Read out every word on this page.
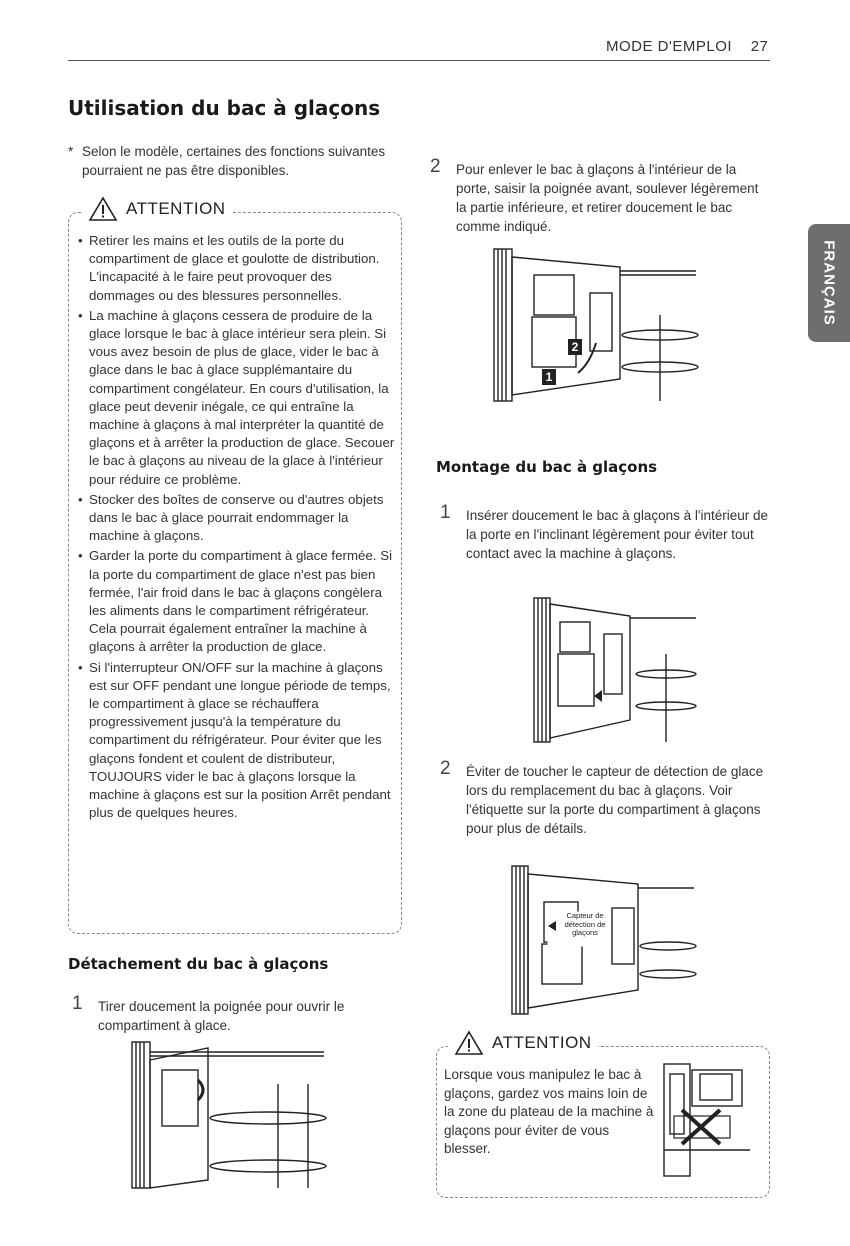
MODE D'EMPLOI 27
FRANÇAIS
Utilisation du bac à glaçons
* Selon le modèle, certaines des fonctions suivantes pourraient ne pas être disponibles.
ATTENTION
• Retirer les mains et les outils de la porte du compartiment de glace et goulotte de distribution. L'incapacité à le faire peut provoquer des dommages ou des blessures personnelles.
• La machine à glaçons cessera de produire de la glace lorsque le bac à glace intérieur sera plein. Si vous avez besoin de plus de glace, vider le bac à glace dans le bac à glace supplémantaire du compartiment congélateur. En cours d'utilisation, la glace peut devenir inégale, ce qui entraîne la machine à glaçons à mal interpréter la quantité de glaçons et à arrêter la production de glace. Secouer le bac à glaçons au niveau de la glace à l'intérieur pour réduire ce problème.
• Stocker des boîtes de conserve ou d'autres objets dans le bac à glace pourrait endommager la machine à glaçons.
• Garder la porte du compartiment à glace fermée. Si la porte du compartiment de glace n'est pas bien fermée, l'air froid dans le bac à glaçons congèlera les aliments dans le compartiment réfrigérateur. Cela pourrait également entraîner la machine à glaçons à arrêter la production de glace.
• Si l'interrupteur ON/OFF sur la machine à glaçons est sur OFF pendant une longue période de temps, le compartiment à glace se réchauffera progressivement jusqu'à la température du compartiment du réfrigérateur. Pour éviter que les glaçons fondent et coulent de distributeur, TOUJOURS vider le bac à glaçons lorsque la machine à glaçons est sur la position Arrêt pendant plus de quelques heures.
Détachement du bac à glaçons
1 Tirer doucement la poignée pour ouvrir le compartiment à glace.
2 Pour enlever le bac à glaçons à l'intérieur de la porte, saisir la poignée avant, soulever légèrement la partie inférieure, et retirer doucement le bac comme indiqué.
1
2
Montage du bac à glaçons
1 Insérer doucement le bac à glaçons à l'intérieur de la porte en l'inclinant légèrement pour éviter tout contact avec la machine à glaçons.
2 Éviter de toucher le capteur de détection de glace lors du remplacement du bac à glaçons. Voir l'étiquette sur la porte du compartiment à glaçons pour plus de détails.
Capteur de détection de glaçons
ATTENTION
Lorsque vous manipulez le bac à glaçons, gardez vos mains loin de la zone du plateau de la machine à glaçons pour éviter de vous blesser.
